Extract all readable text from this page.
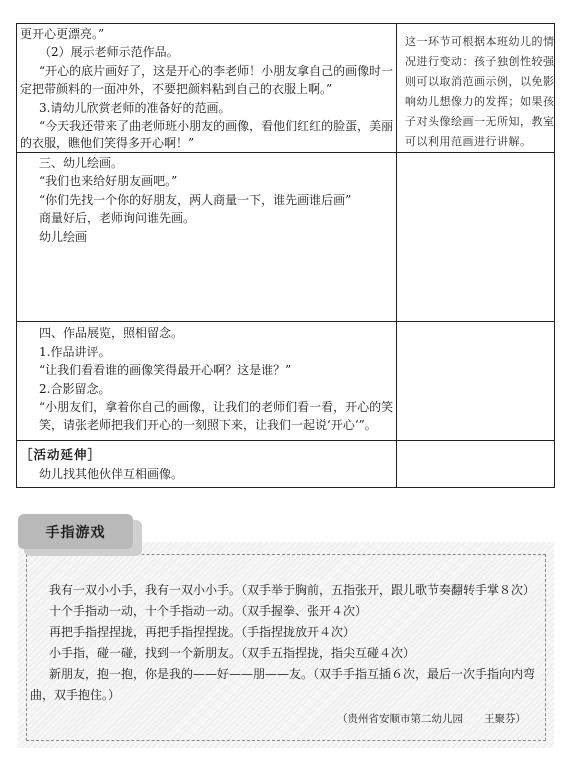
更开心更漂亮。”
（2）展示老师示范作品。
“开心的底片画好了，这是开心的李老师！小朋友拿自己的画像时一
定把带颜料的一面冲外，不要把颜料粘到自己的衣服上啊。”
3.请幼儿欣赏老师的准备好的范画。
“今天我还带来了曲老师班小朋友的画像，看他们红红的脸蛋，美丽
的衣服，瞧他们笑得多开心啊！”
这一环节可根据本班幼儿的情况进行变动：孩子独创性较强则可以取消范画示例，以免影响幼儿想像力的发挥；如果孩子对头像绘画一无所知，教室可以利用范画进行讲解。
三、幼儿绘画。
“我们也来给好朋友画吧。”
“你们先找一个你的好朋友，两人商量一下，谁先画谁后画”
商量好后，老师询问谁先画。
幼儿绘画
四、作品展览，照相留念。
1.作品讲评。
“让我们看看谁的画像笑得最开心啊？这是谁？”
2.合影留念。
“小朋友们，拿着你自己的画像，让我们的老师们看一看，开心的笑
笑，请张老师把我们开心的一刻照下来，让我们一起说‘开心’”。
［活动延伸］
幼儿找其他伙伴互相画像。
手指游戏
我有一双小小手，我有一双小小手。（双手举于胸前，五指张开，跟儿歌节奏翻转手掌８次）
十个手指动一动，十个手指动一动。（双手握拳、张开４次）
再把手指捏捏拢，再把手指捏捏拢。（手指捏拢放开４次）
小手指，碰一碰，找到一个新朋友。（双手五指捏拢，指尖互碰４次）
新朋友，抱一抱，你是我的——好——朋——友。（双手手指互插６次，最后一次手指向内弯
曲，双手抱住。）
（贵州省安顺市第二幼儿园　　王聚芬）
